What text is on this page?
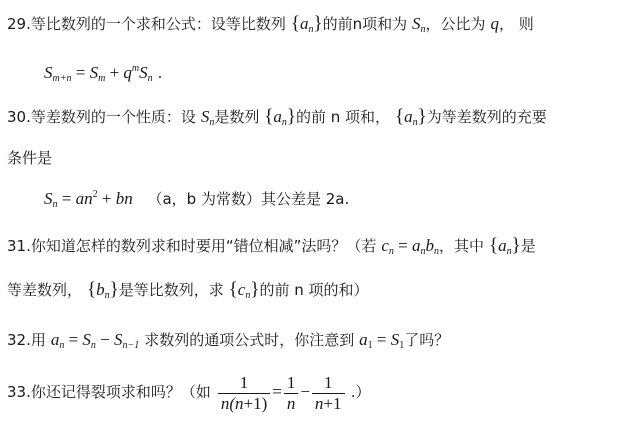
29.等比数列的一个求和公式：设等比数列 $\{a_n\}$的前n项和为 $S_n$，公比为 q， 则
$S_{m+n} = S_m + q^mS_n$ .
30.等差数列的一个性质：设 $S_n$是数列 $\{a_n\}$的前 n 项和， $\{a_n\}$为等差数列的充要
条件是
$S_n = an^2$ + bn （a，b 为常数）其公差是 2a.
31.你知道怎样的数列求和时要用“错位相减”法吗？（若 $c_n = a_nb_n$，其中 $\{a_n\}$是
等差数列， $\{b_n\}$是等比数列，求 $\{c_n\}$的前 n 项的和）
32.用 $a_n = S_n - S_{n-1}$ 求数列的通项公式时，你注意到 $a_1 = S_1$了吗？
33.你还记得裂项求和吗？（如 $\frac{1}{n(n+1)} = \frac{1}{n} - \frac{1}{n+1}$ .）
